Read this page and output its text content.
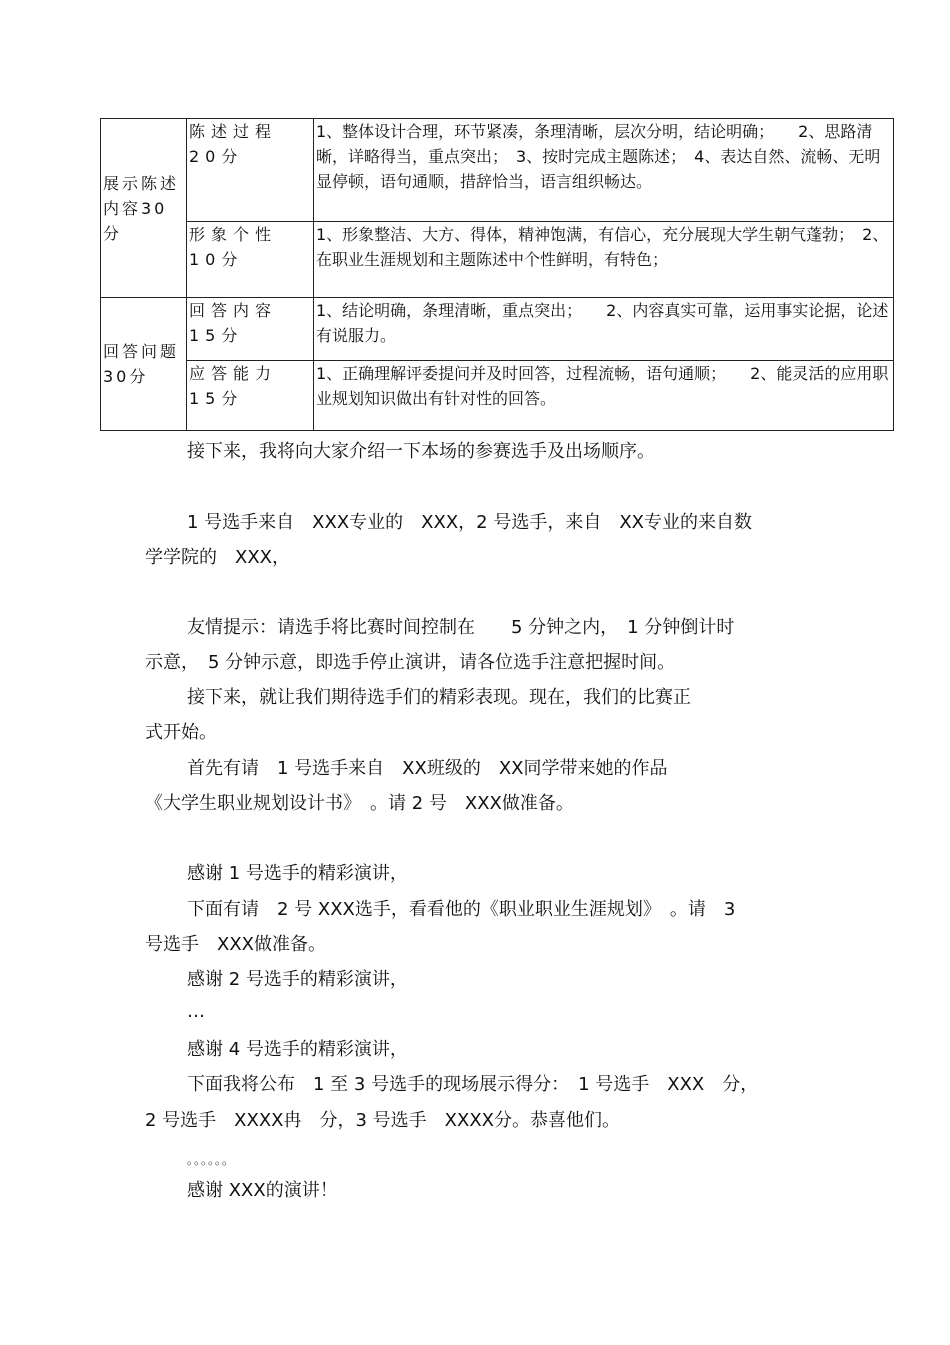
展示陈述内容30分	陈述过程 20分	1、整体设计合理，环节紧凑，条理清晰，层次分明，结论明确；　　2、思路清晰，详略得当，重点突出；　3、按时完成主题陈述；　4、表达自然、流畅、无明显停顿，语句通顺，措辞恰当，语言组织畅达。
	形象个性 10分	1、形象整洁、大方、得体，精神饱满，有信心，充分展现大学生朝气蓬勃；　2、在职业生涯规划和主题陈述中个性鲜明，有特色；
回答问题30分	回答内容 15分	1、结论明确，条理清晰，重点突出；　　2、内容真实可靠，运用事实论据，论述有说服力。
	应答能力 15分	1、正确理解评委提问并及时回答，过程流畅，语句通顺；　　2、能灵活的应用职业规划知识做出有针对性的回答。
接下来，我将向大家介绍一下本场的参赛选手及出场顺序。
1 号选手来自　XXX专业的　XXX，2 号选手，来自　XX专业的来自数
学学院的　XXX，
友情提示：请选手将比赛时间控制在　　5 分钟之内，　1 分钟倒计时
示意，　5 分钟示意，即选手停止演讲，请各位选手注意把握时间。
接下来，就让我们期待选手们的精彩表现。现在，我们的比赛正
式开始。
首先有请　1 号选手来自　XX班级的　XX同学带来她的作品
《大学生职业规划设计书》　。请 2 号　XXX做准备。
感谢 1 号选手的精彩演讲，
下面有请　2 号 XXX选手，看看他的《职业职业生涯规划》　。请　3
号选手　XXX做准备。
感谢 2 号选手的精彩演讲，
…
感谢 4 号选手的精彩演讲，
下面我将公布　1 至 3 号选手的现场展示得分：　1 号选手　XXX　分，
2 号选手　XXXX冉　分，3 号选手　XXXX分。恭喜他们。
。。。。。。
感谢 XXX的演讲！
